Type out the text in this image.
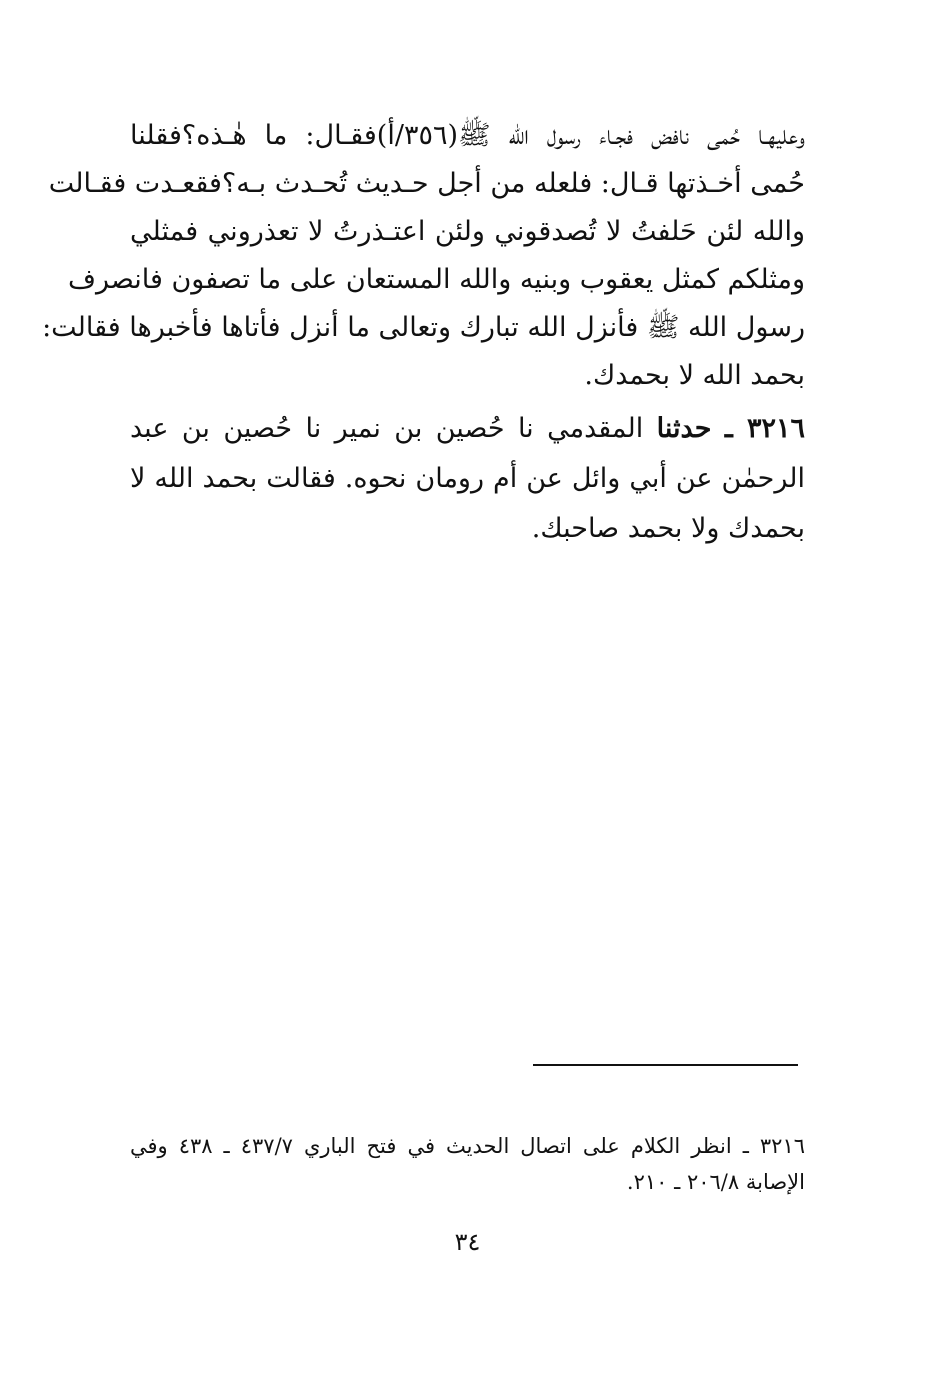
وعليهـا حُمى نافض فجـاء رسول الله ﷺ(٣٥٦/أ)فقـال: ما هٰـذه؟فقلنا
حُمى أخـذتها قـال: فلعله من أجل حـديث تُحـدث بـه؟فقعـدت فقـالت
والله لئن حَلفتُ لا تُصدقوني ولئن اعتـذرتُ لا تعذروني فمثلي
ومثلكم كمثل يعقوب وبنيه والله المستعان على ما تصفون فانصرف
رسول الله ﷺ فأنزل الله تبارك وتعالى ما أنزل فأتاها فأخبرها فقالت:
بحمد الله لا بحمدك.
٣٢١٦ ـ حدثنا المقدمي نا حُصين بن نمير نا حُصين بن عبد
الرحمٰن عن أبي وائل عن أم رومان نحوه. فقالت بحمد الله لا
بحمدك ولا بحمد صاحبك.
٣٢١٦ ـ انظر الكلام على اتصال الحديث في فتح الباري ٤٣٧/٧ ـ ٤٣٨ وفي
الإصابة ٢٠٦/٨ ـ ٢١٠.
٣٤
